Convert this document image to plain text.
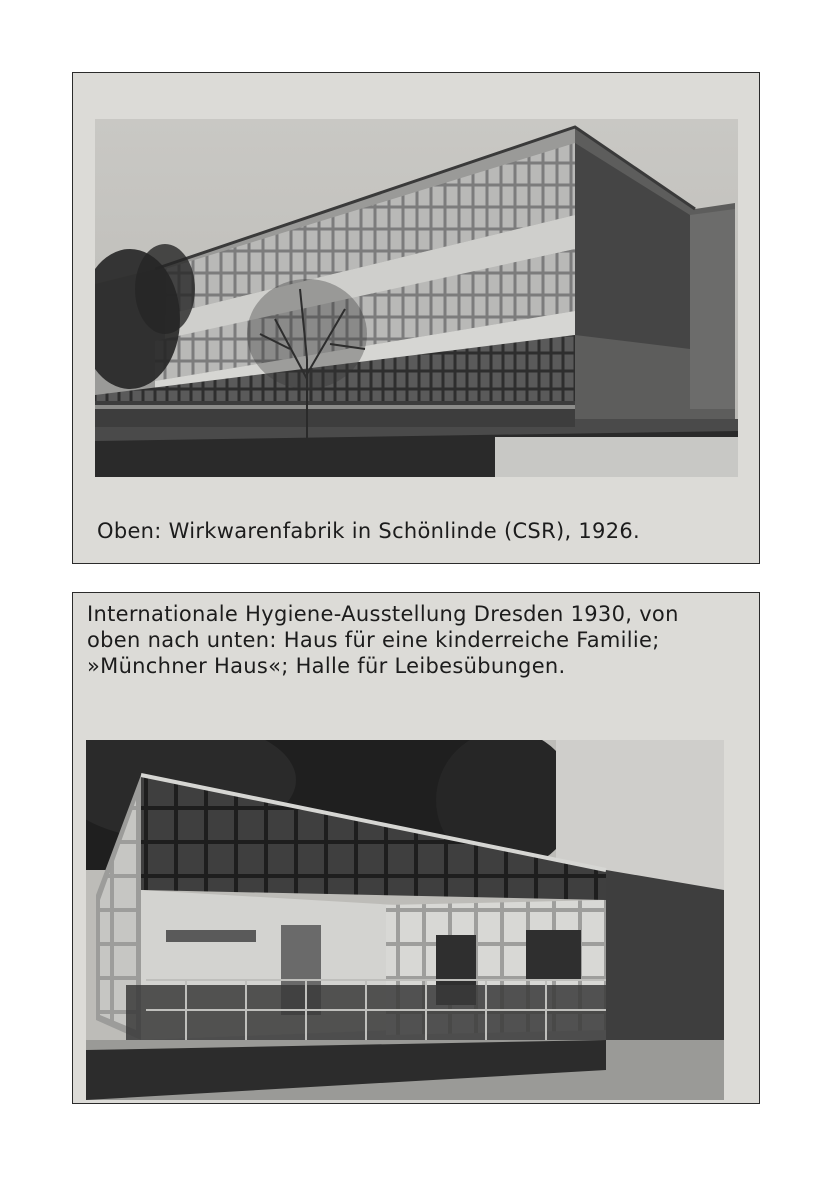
Oben: Wirkwarenfabrik in Schönlinde (CSR), 1926.

Internationale Hygiene-Ausstellung Dresden 1930, von
oben nach unten: Haus für eine kinderreiche Familie;
»Münchner Haus«; Halle für Leibesübungen.
